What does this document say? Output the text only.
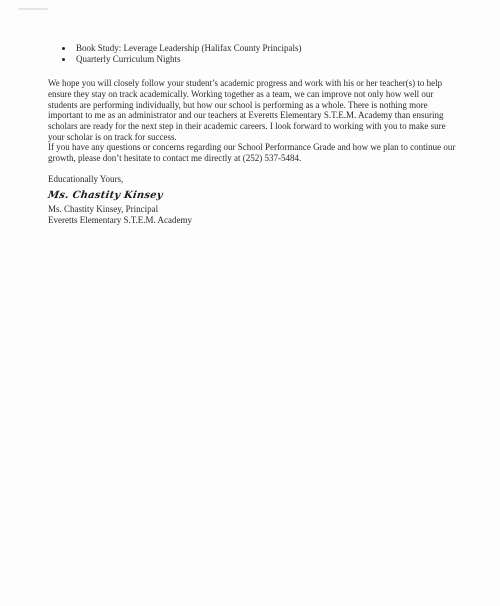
Book Study: Leverage Leadership (Halifax County Principals)
Quarterly Curriculum Nights

We hope you will closely follow your student’s academic progress and work with his or her teacher(s) to help ensure they stay on track academically. Working together as a team, we can improve not only how well our students are performing individually, but how our school is performing as a whole. There is nothing more important to me as an administrator and our teachers at Everetts Elementary S.T.E.M. Academy than ensuring scholars are ready for the next step in their academic careers. I look forward to working with you to make sure your scholar is on track for success.

If you have any questions or concerns regarding our School Performance Grade and how we plan to continue our growth, please don’t hesitate to contact me directly at (252) 537-5484.

Educationally Yours,

Ms. Chastity Kinsey
Ms. Chastity Kinsey, Principal
Everetts Elementary S.T.E.M. Academy
